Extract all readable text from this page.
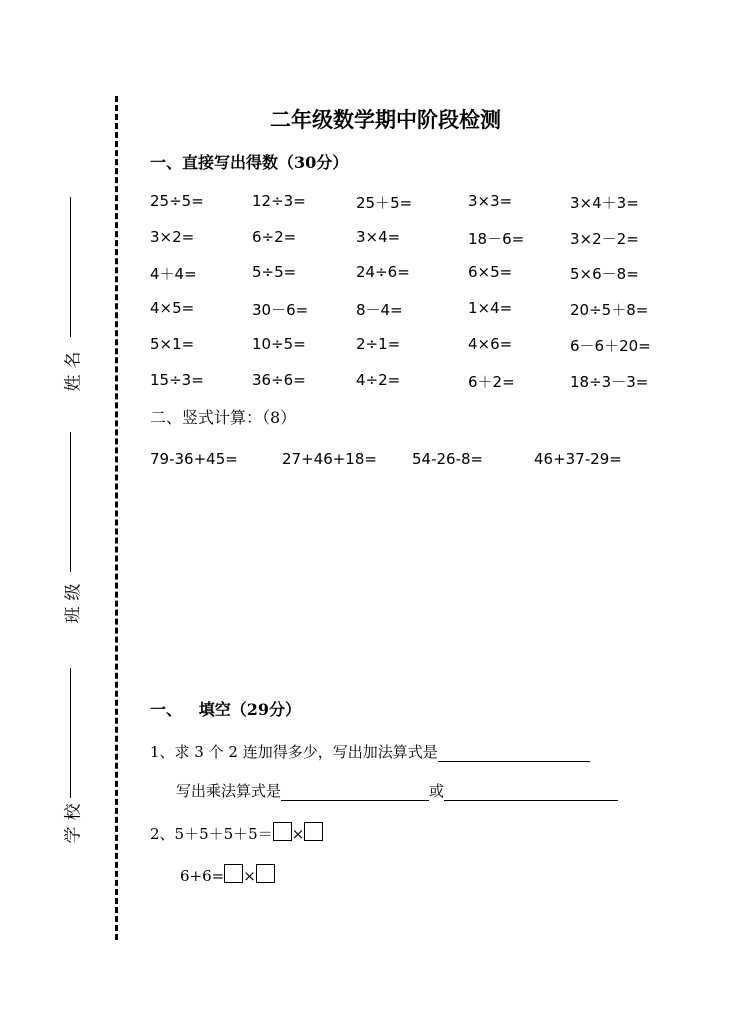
姓名
班级
学校
二年级数学期中阶段检测
一、直接写出得数（30分）
25÷5=	12÷3=	25＋5=	3×3=	3×4＋3=
3×2=	6÷2=	3×4=	18－6=	3×2－2=
4＋4=	5÷5=	24÷6=	6×5=	5×6－8=
4×5=	30－6=	8－4=	1×4=	20÷5＋8=
5×1=	10÷5=	2÷1=	4×6=	6－6＋20=
15÷3=	36÷6=	4÷2=	6＋2=	18÷3－3=
二、竖式计算：（8）
79-36+45=	27+46+18= 54-26-8=	46+37-29=
一、   填空（29分）
1、求 3 个 2 连加得多少，写出加法算式是
写出乘法算式是	或
2、5＋5＋5＋5＝ ×
6+6= ×
